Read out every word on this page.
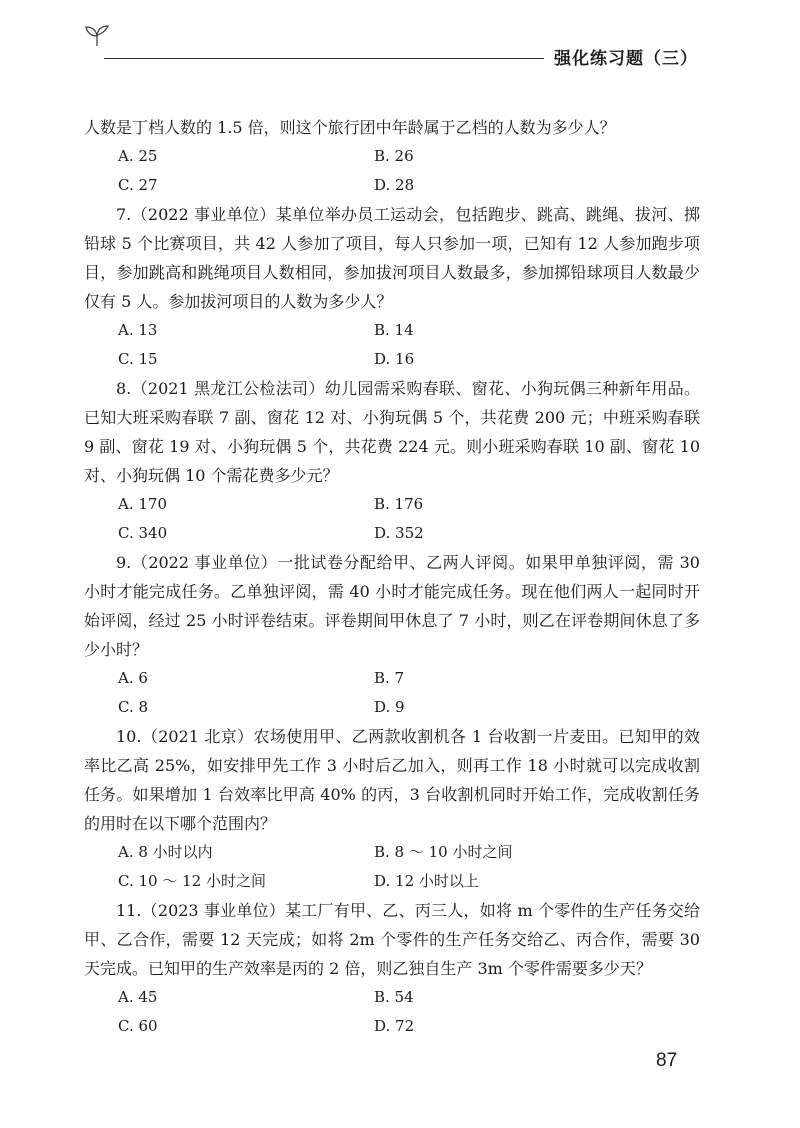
强化练习题（三）

人数是丁档人数的 1.5 倍，则这个旅行团中年龄属于乙档的人数为多少人？

A. 25	B. 26
C. 27	D. 28

7.（2022 事业单位）某单位举办员工运动会，包括跑步、跳高、跳绳、拔河、掷铅球 5 个比赛项目，共 42 人参加了项目，每人只参加一项，已知有 12 人参加跑步项目，参加跳高和跳绳项目人数相同，参加拔河项目人数最多，参加掷铅球项目人数最少仅有 5 人。参加拔河项目的人数为多少人？

A. 13	B. 14
C. 15	D. 16

8.（2021 黑龙江公检法司）幼儿园需采购春联、窗花、小狗玩偶三种新年用品。已知大班采购春联 7 副、窗花 12 对、小狗玩偶 5 个，共花费 200 元；中班采购春联 9 副、窗花 19 对、小狗玩偶 5 个，共花费 224 元。则小班采购春联 10 副、窗花 10 对、小狗玩偶 10 个需花费多少元？

A. 170	B. 176
C. 340	D. 352

9.（2022 事业单位）一批试卷分配给甲、乙两人评阅。如果甲单独评阅，需 30 小时才能完成任务。乙单独评阅，需 40 小时才能完成任务。现在他们两人一起同时开始评阅，经过 25 小时评卷结束。评卷期间甲休息了 7 小时，则乙在评卷期间休息了多少小时？

A. 6	B. 7
C. 8	D. 9

10.（2021 北京）农场使用甲、乙两款收割机各 1 台收割一片麦田。已知甲的效率比乙高 25%，如安排甲先工作 3 小时后乙加入，则再工作 18 小时就可以完成收割任务。如果增加 1 台效率比甲高 40% 的丙，3 台收割机同时开始工作，完成收割任务的用时在以下哪个范围内？

A. 8 小时以内	B. 8 ～ 10 小时之间
C. 10 ～ 12 小时之间	D. 12 小时以上

11.（2023 事业单位）某工厂有甲、乙、丙三人，如将 m 个零件的生产任务交给甲、乙合作，需要 12 天完成；如将 2m 个零件的生产任务交给乙、丙合作，需要 30 天完成。已知甲的生产效率是丙的 2 倍，则乙独自生产 3m 个零件需要多少天？

A. 45	B. 54
C. 60	D. 72
87
